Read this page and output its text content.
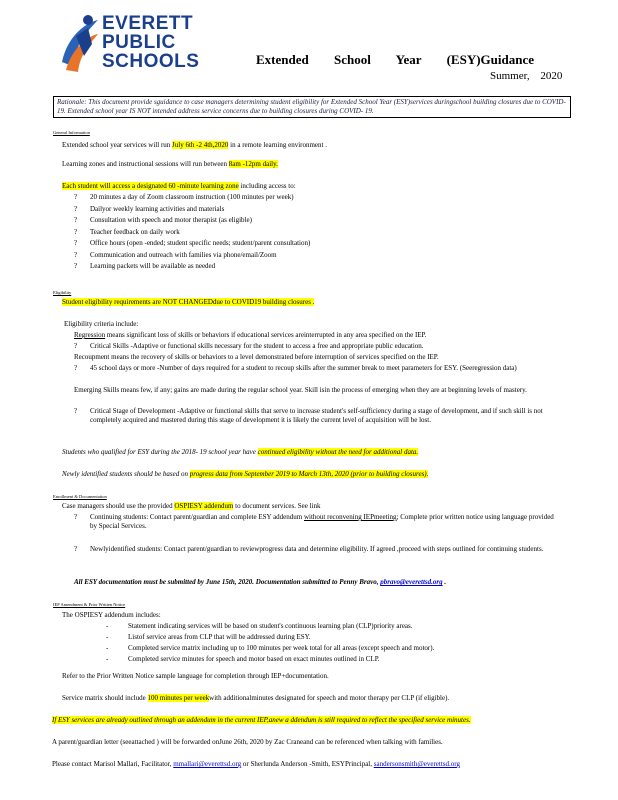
EVERETT
PUBLIC
SCHOOLS	Extended School Year (ESY)Guidance
Summer, 2020
Rationale: This document provide sguidance to case managers determining student eligibility for Extended School Year (ESY)services duringschool building closures due to COVID-19. Extended school year IS NOT intended address service concerns due to building closures during COVID- 19.
General Information
Extended school year services will run July 6th -2 4th,2020 in a remote learning environment .
Learning zones and instructional sessions will run between 8am -12pm daily.
Each student will access a designated 60 -minute learning zone including access to:
? 20 minutes a day of Zoom classroom instruction (100 minutes per week)
? Dailyor weekly learning activities and materials
? Consultation with speech and motor therapist (as eligible)
? Teacher feedback on daily work
? Office hours (open -ended; student specific needs; student/parent consultation)
? Communication and outreach with families via phone/email/Zoom
? Learning packets will be available as needed
Eligibility
Student eligibility requirements are NOT CHANGEDdue to COVID19 building closures .
Eligibility criteria include:
Regression means significant loss of skills or behaviors if educational services areinterrupted in any area specified on the IEP.
? Critical Skills -Adaptive or functional skills necessary for the student to access a free and appropriate public education.
Recoupment means the recovery of skills or behaviors to a level demonstrated before interruption of services specified on the IEP.
? 45 school days or more -Number of days required for a student to recoup skills after the summer break to meet parameters for ESY. (Seeregression data)
Emerging Skills means few, if any; gains are made during the regular school year. Skill isin the process of emerging when they are at beginning levels of mastery.
? Critical Stage of Development -Adaptive or functional skills that serve to increase student's self-sufficiency during a stage of development, and if such skill is not completely acquired and mastered during this stage of development it is likely the current level of acquisition will be lost.
Students who qualified for ESY during the 2018- 19 school year have continued eligibility without the need for additional data.
Newly identified students should be based on progress data from September 2019 to March 13th, 2020 (prior to building closures).
Enrollment & Documentation
Case managers should use the provided OSPIESY addendum to document services. See link
? Continuing students: Contact parent/guardian and complete ESY addendum without reconvening IEPmeeting; Complete prior written notice using language provided by Special Services.
? Newlyidentified students: Contact parent/guardian to reviewprogress data and determine eligibility. If agreed ,proceed with steps outlined for continuing students.
All ESY documentation must be submitted by June 15th, 2020. Documentation submitted to Penny Bravo, pbravo@everettsd.org .
IEP Amendment & Prior Written Notice
The OSPIESY addendum includes:
-	Statement indicating services will be based on student's continuous learning plan (CLP)priority areas.
-	Listof service areas from CLP that will be addressed during ESY.
-	Completed service matrix including up to 100 minutes per week total for all areas (except speech and motor).
-	Completed service minutes for speech and motor based on exact minutes outlined in CLP.
Refer to the Prior Written Notice sample language for completion through IEP+documentation.
Service matrix should include 100 minutes per weekwith additionalminutes designated for speech and motor therapy per CLP (if eligible).
If ESY services are already outlined through an addendum in the current IEP,anew a ddendum is still required to reflect the specified service minutes.
A parent/guardian letter (seeattached ) will be forwarded onJune 26th, 2020 by Zac Craneand can be referenced when talking with families.
Please contact Marisol Mallari, Facilitator, mmallari@everettsd.org or Sherlunda Anderson -Smith, ESYPrincipal, sandersonsmith@everettsd.org
